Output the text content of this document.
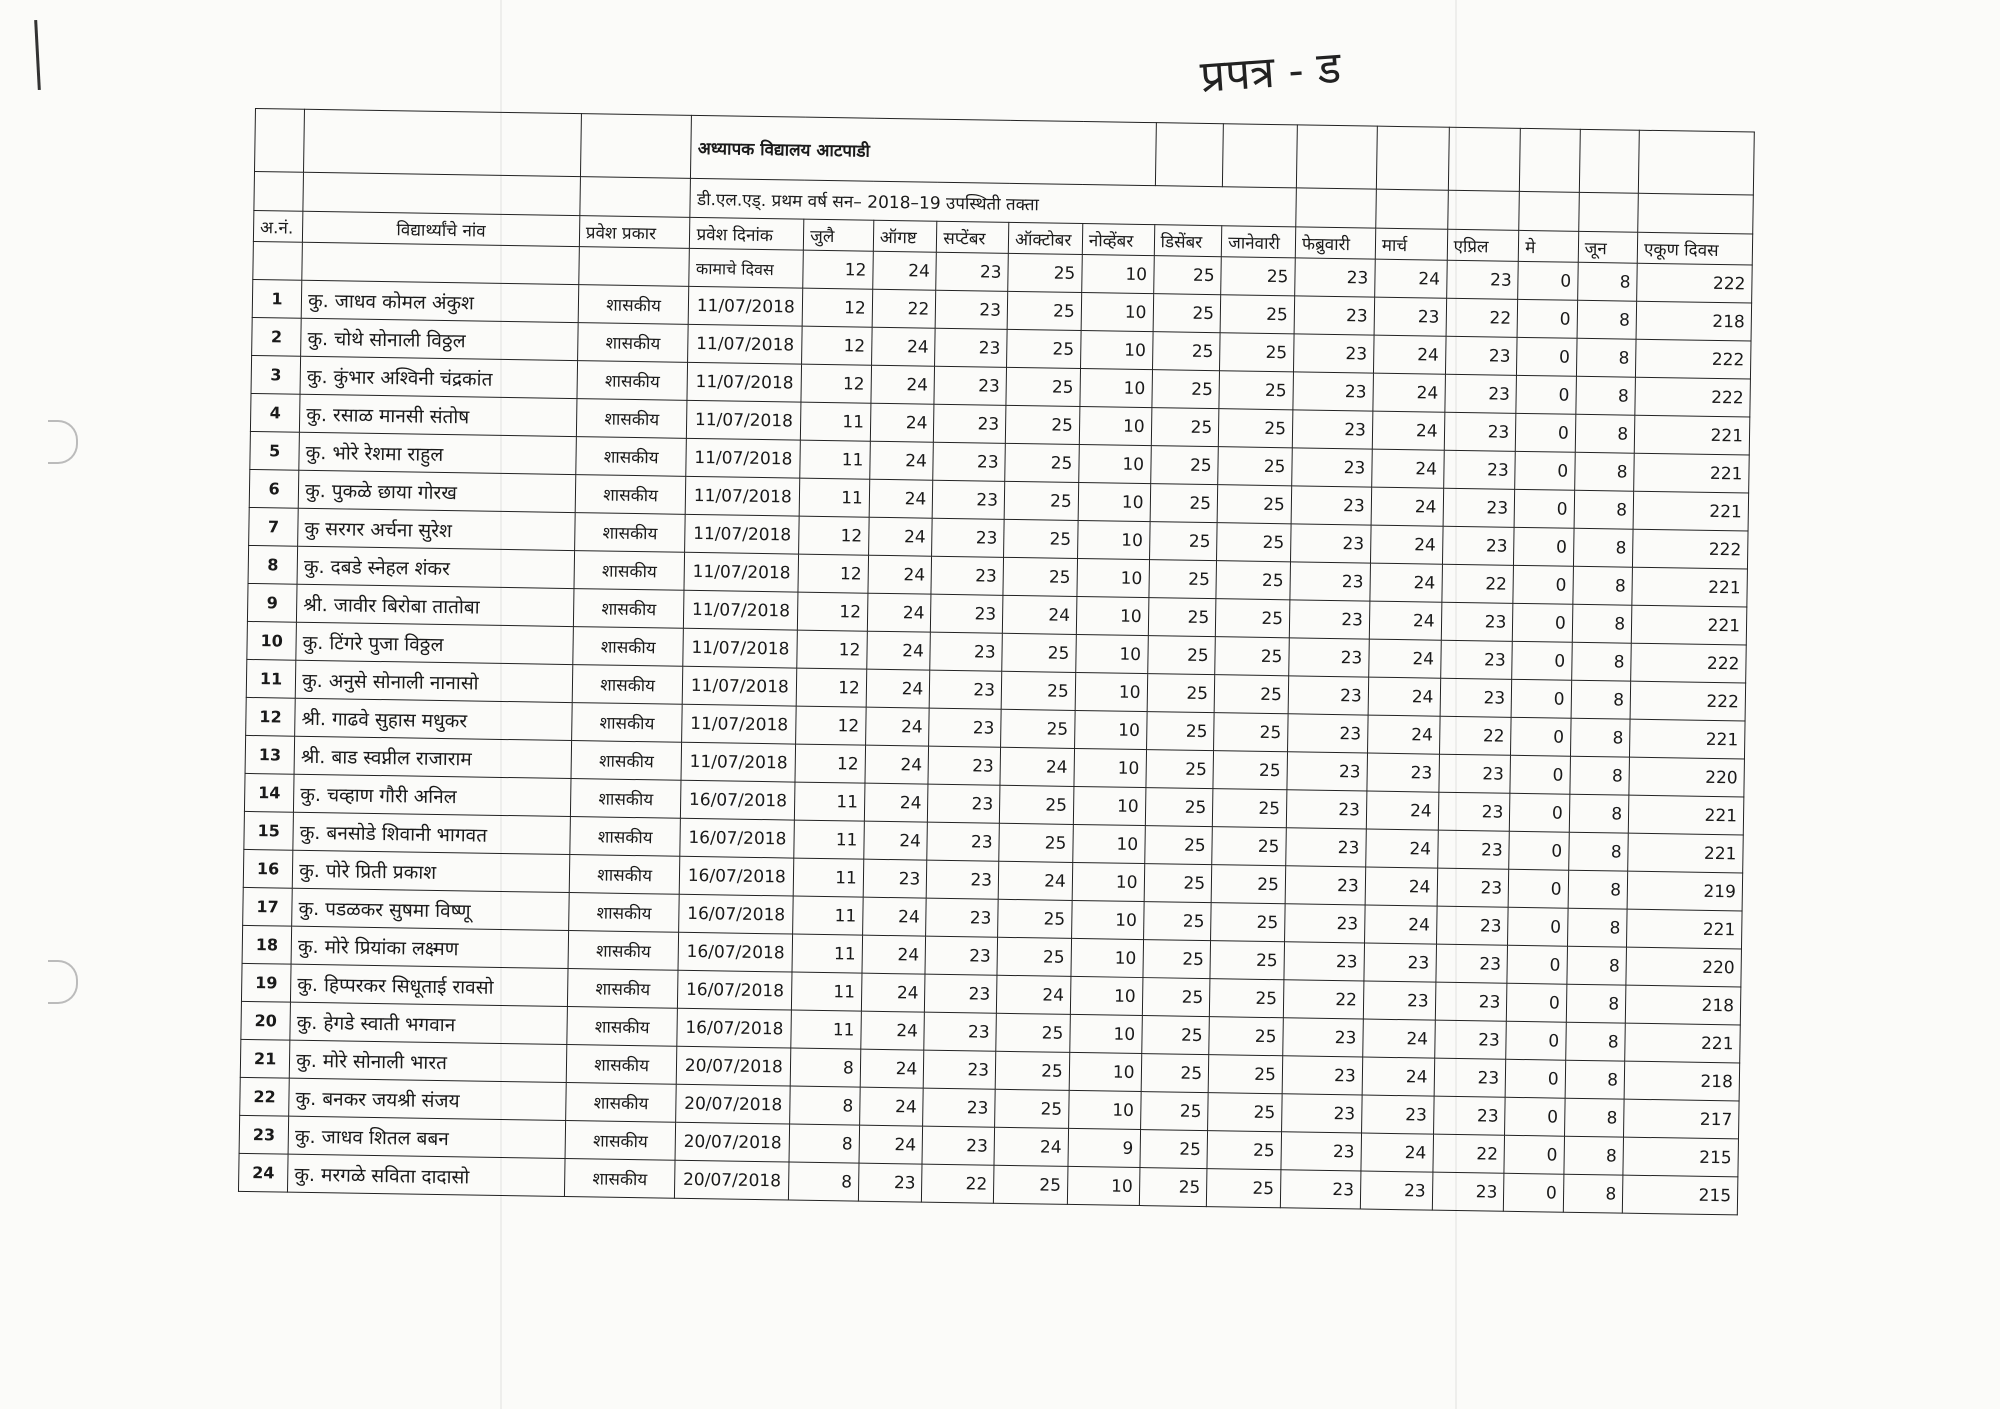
प्रपत्र - ड
			अध्यापक विद्यालय आटपाडी													
			डी.एल.एड्. प्रथम वर्ष सन– 2018–19 उपस्थिती तक्ता													
अ.नं.	विद्यार्थ्यांचे नांव	प्रवेश प्रकार	प्रवेश दिनांक	जुलै	ऑगष्ट	सप्टेंबर	ऑक्टोबर	नोव्हेंबर	डिसेंबर	जानेवारी	फेब्रुवारी	मार्च	एप्रिल	मे	जून	एकूण दिवस
			कामाचे दिवस	12	24	23	25	10	25	25	23	24	23	0	8	222
1	कु. जाधव कोमल अंकुश	शासकीय	11/07/2018	12	22	23	25	10	25	25	23	23	22	0	8	218
2	कु. चोथे सोनाली विठ्ठल	शासकीय	11/07/2018	12	24	23	25	10	25	25	23	24	23	0	8	222
3	कु. कुंभार अश्विनी चंद्रकांत	शासकीय	11/07/2018	12	24	23	25	10	25	25	23	24	23	0	8	222
4	कु. रसाळ मानसी संतोष	शासकीय	11/07/2018	11	24	23	25	10	25	25	23	24	23	0	8	221
5	कु. भोरे रेशमा राहुल	शासकीय	11/07/2018	11	24	23	25	10	25	25	23	24	23	0	8	221
6	कु. पुकळे छाया गोरख	शासकीय	11/07/2018	11	24	23	25	10	25	25	23	24	23	0	8	221
7	कु सरगर अर्चना सुरेश	शासकीय	11/07/2018	12	24	23	25	10	25	25	23	24	23	0	8	222
8	कु. दबडे स्नेहल शंकर	शासकीय	11/07/2018	12	24	23	25	10	25	25	23	24	22	0	8	221
9	श्री. जावीर बिरोबा तातोबा	शासकीय	11/07/2018	12	24	23	24	10	25	25	23	24	23	0	8	221
10	कु. टिंगरे पुजा विठ्ठल	शासकीय	11/07/2018	12	24	23	25	10	25	25	23	24	23	0	8	222
11	कु. अनुसे सोनाली नानासो	शासकीय	11/07/2018	12	24	23	25	10	25	25	23	24	23	0	8	222
12	श्री. गाढवे सुहास मधुकर	शासकीय	11/07/2018	12	24	23	25	10	25	25	23	24	22	0	8	221
13	श्री. बाड स्वप्नील राजाराम	शासकीय	11/07/2018	12	24	23	24	10	25	25	23	23	23	0	8	220
14	कु. चव्हाण गौरी अनिल	शासकीय	16/07/2018	11	24	23	25	10	25	25	23	24	23	0	8	221
15	कु. बनसोडे शिवानी भागवत	शासकीय	16/07/2018	11	24	23	25	10	25	25	23	24	23	0	8	221
16	कु. पोरे प्रिती प्रकाश	शासकीय	16/07/2018	11	23	23	24	10	25	25	23	24	23	0	8	219
17	कु. पडळकर सुषमा विष्णू	शासकीय	16/07/2018	11	24	23	25	10	25	25	23	24	23	0	8	221
18	कु. मोरे प्रियांका लक्ष्मण	शासकीय	16/07/2018	11	24	23	25	10	25	25	23	23	23	0	8	220
19	कु. हिप्परकर सिधूताई रावसो	शासकीय	16/07/2018	11	24	23	24	10	25	25	22	23	23	0	8	218
20	कु. हेगडे स्वाती भगवान	शासकीय	16/07/2018	11	24	23	25	10	25	25	23	24	23	0	8	221
21	कु. मोरे सोनाली भारत	शासकीय	20/07/2018	8	24	23	25	10	25	25	23	24	23	0	8	218
22	कु. बनकर जयश्री संजय	शासकीय	20/07/2018	8	24	23	25	10	25	25	23	23	23	0	8	217
23	कु. जाधव शितल बबन	शासकीय	20/07/2018	8	24	23	24	9	25	25	23	24	22	0	8	215
24	कु. मरगळे सविता दादासो	शासकीय	20/07/2018	8	23	22	25	10	25	25	23	23	23	0	8	215
